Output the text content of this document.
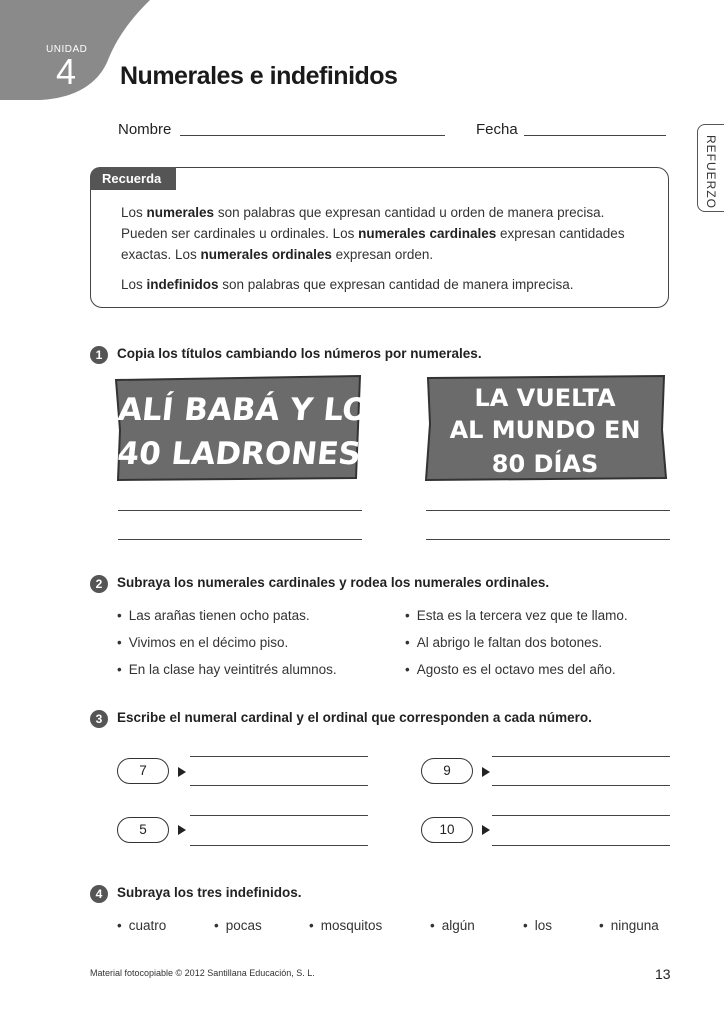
UNIDAD
4 Numerales e indefinidos
REFUERZO
Nombre	Fecha
Recuerda
Los numerales son palabras que expresan cantidad u orden de manera precisa.
Pueden ser cardinales u ordinales. Los numerales cardinales expresan cantidades
exactas. Los numerales ordinales expresan orden.
Los indefinidos son palabras que expresan cantidad de manera imprecisa.
1	Copia los títulos cambiando los números por numerales.
ALÍ BABÁ Y LOS
40 LADRONES
LA VUELTA
AL MUNDO EN
80 DÍAS
2	Subraya los numerales cardinales y rodea los numerales ordinales.
• Las arañas tienen ocho patas.
• Vivimos en el décimo piso.
• En la clase hay veintitrés alumnos.
• Esta es la tercera vez que te llamo.
• Al abrigo le faltan dos botones.
• Agosto es el octavo mes del año.
3	Escribe el numeral cardinal y el ordinal que corresponden a cada número.
7	9
5	10
4	Subraya los tres indefinidos.
• cuatro	• pocas	• mosquitos	• algún	• los	• ninguna
Material fotocopiable © 2012 Santillana Educación, S. L.	13
